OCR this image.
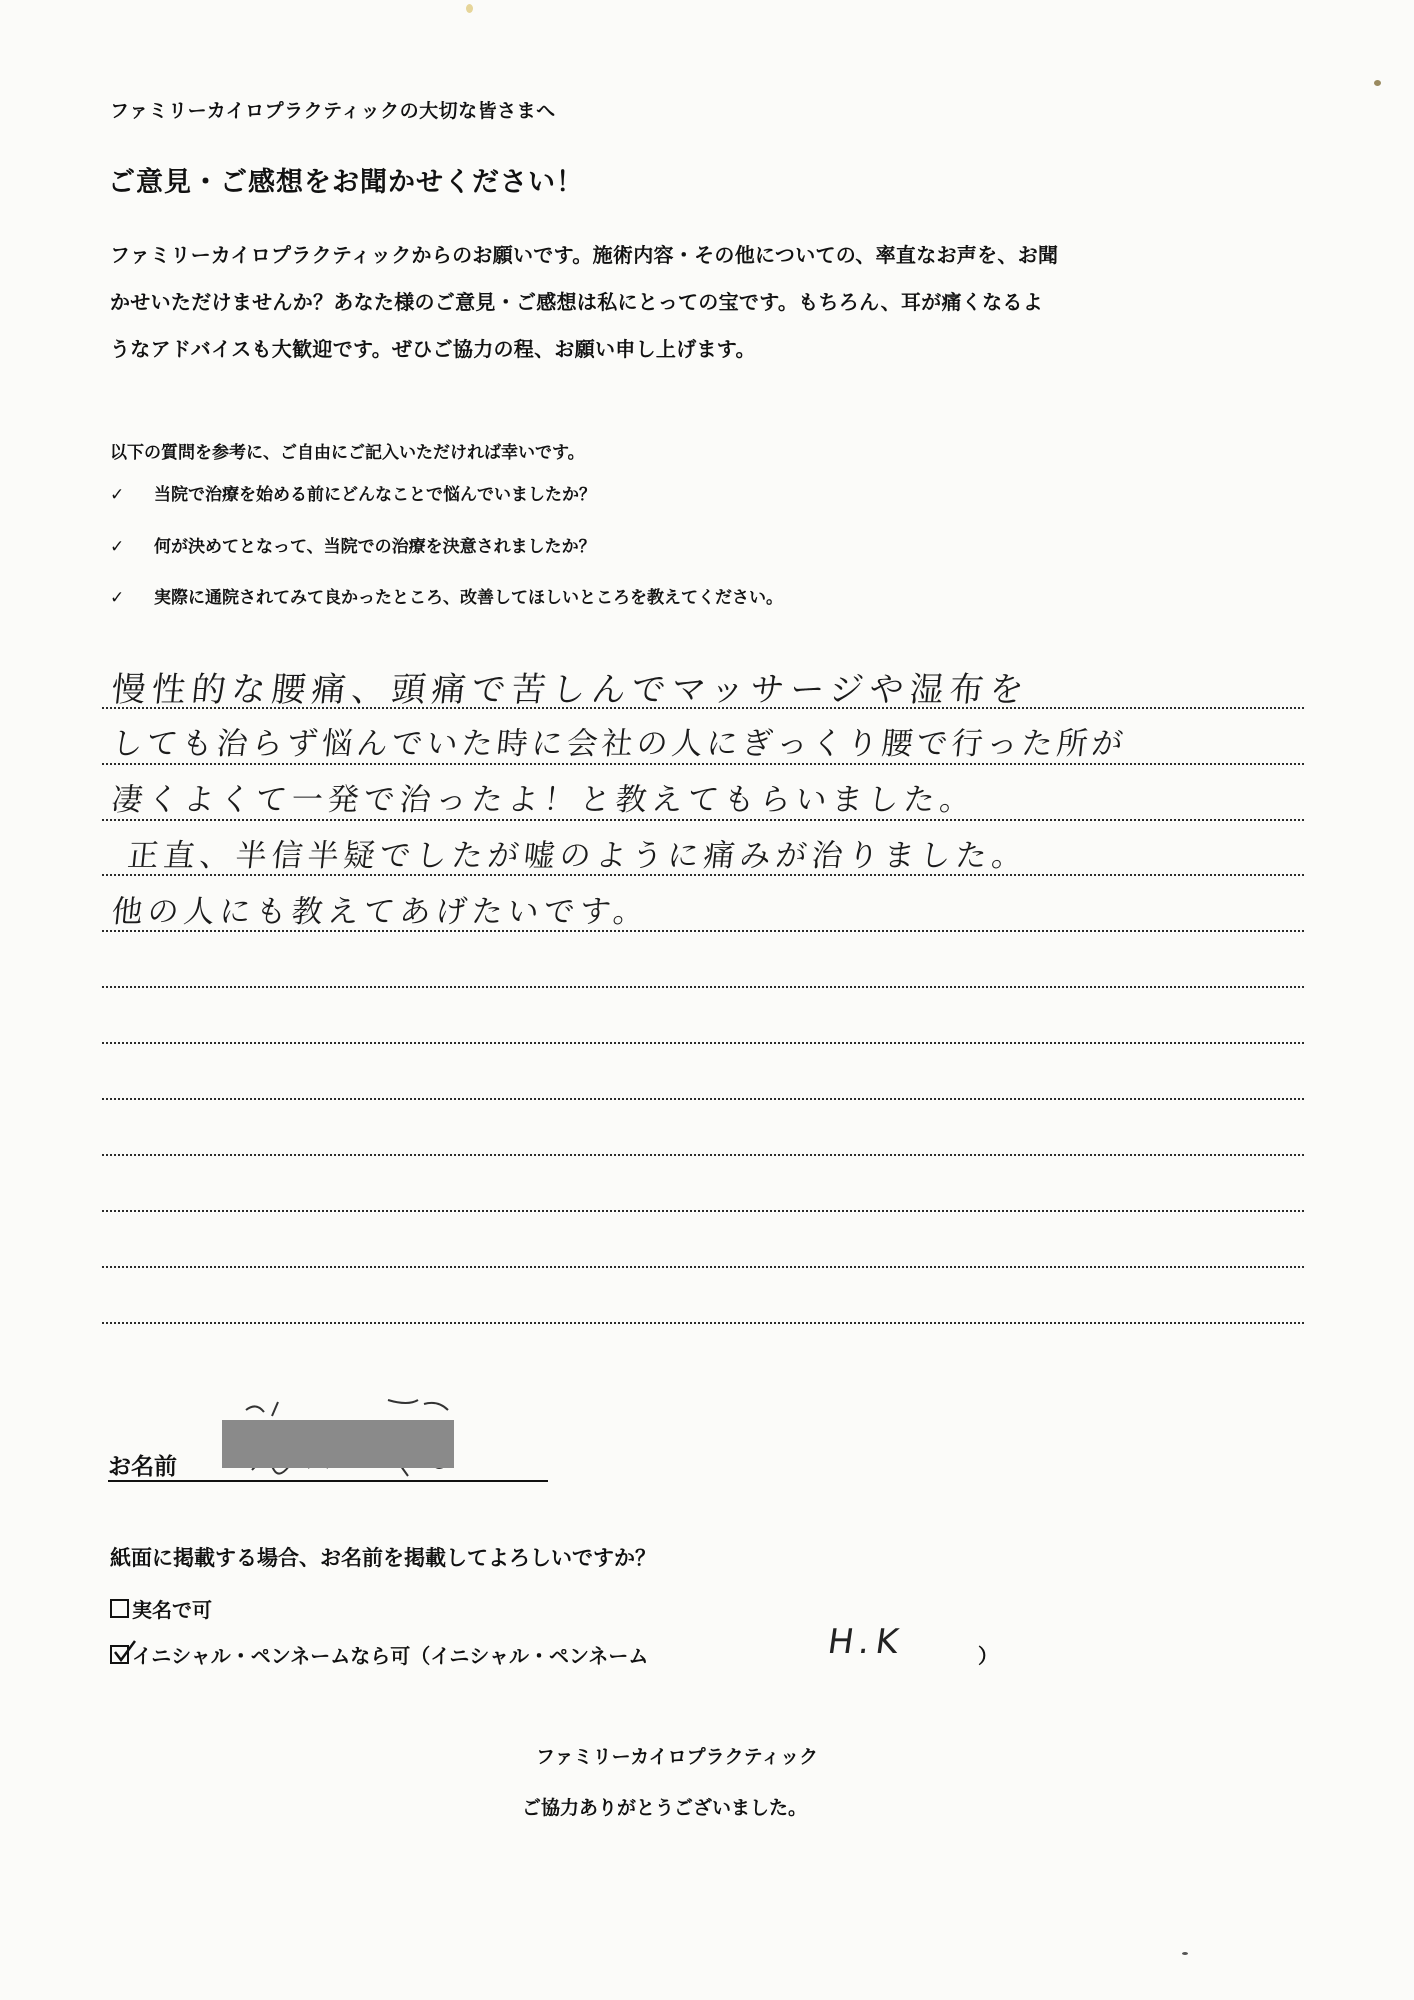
ファミリーカイロプラクティックの大切な皆さまへ
ご意見・ご感想をお聞かせください！
ファミリーカイロプラクティックからのお願いです。施術内容・その他についての、率直なお声を、お聞
かせいただけませんか？あなた様のご意見・ご感想は私にとっての宝です。もちろん、耳が痛くなるよ
うなアドバイスも大歓迎です。ぜひご協力の程、お願い申し上げます。
以下の質問を参考に、ご自由にご記入いただければ幸いです。
✓ 当院で治療を始める前にどんなことで悩んでいましたか？
✓ 何が決めてとなって、当院での治療を決意されましたか？
✓ 実際に通院されてみて良かったところ、改善してほしいところを教えてください。
慢性的な腰痛、頭痛で苦しんでマッサージや湿布を
しても治らず悩んでいた時に会社の人にぎっくり腰で行った所が
凄くよくて一発で治ったよ！と教えてもらいました。
正直、半信半疑でしたが嘘のように痛みが治りました。
他の人にも教えてあげたいです。
お名前
紙面に掲載する場合、お名前を掲載してよろしいですか？
実名で可
イニシャル・ペンネームなら可（イニシャル・ペンネーム	H.K	）
ファミリーカイロプラクティック
ご協力ありがとうございました。
